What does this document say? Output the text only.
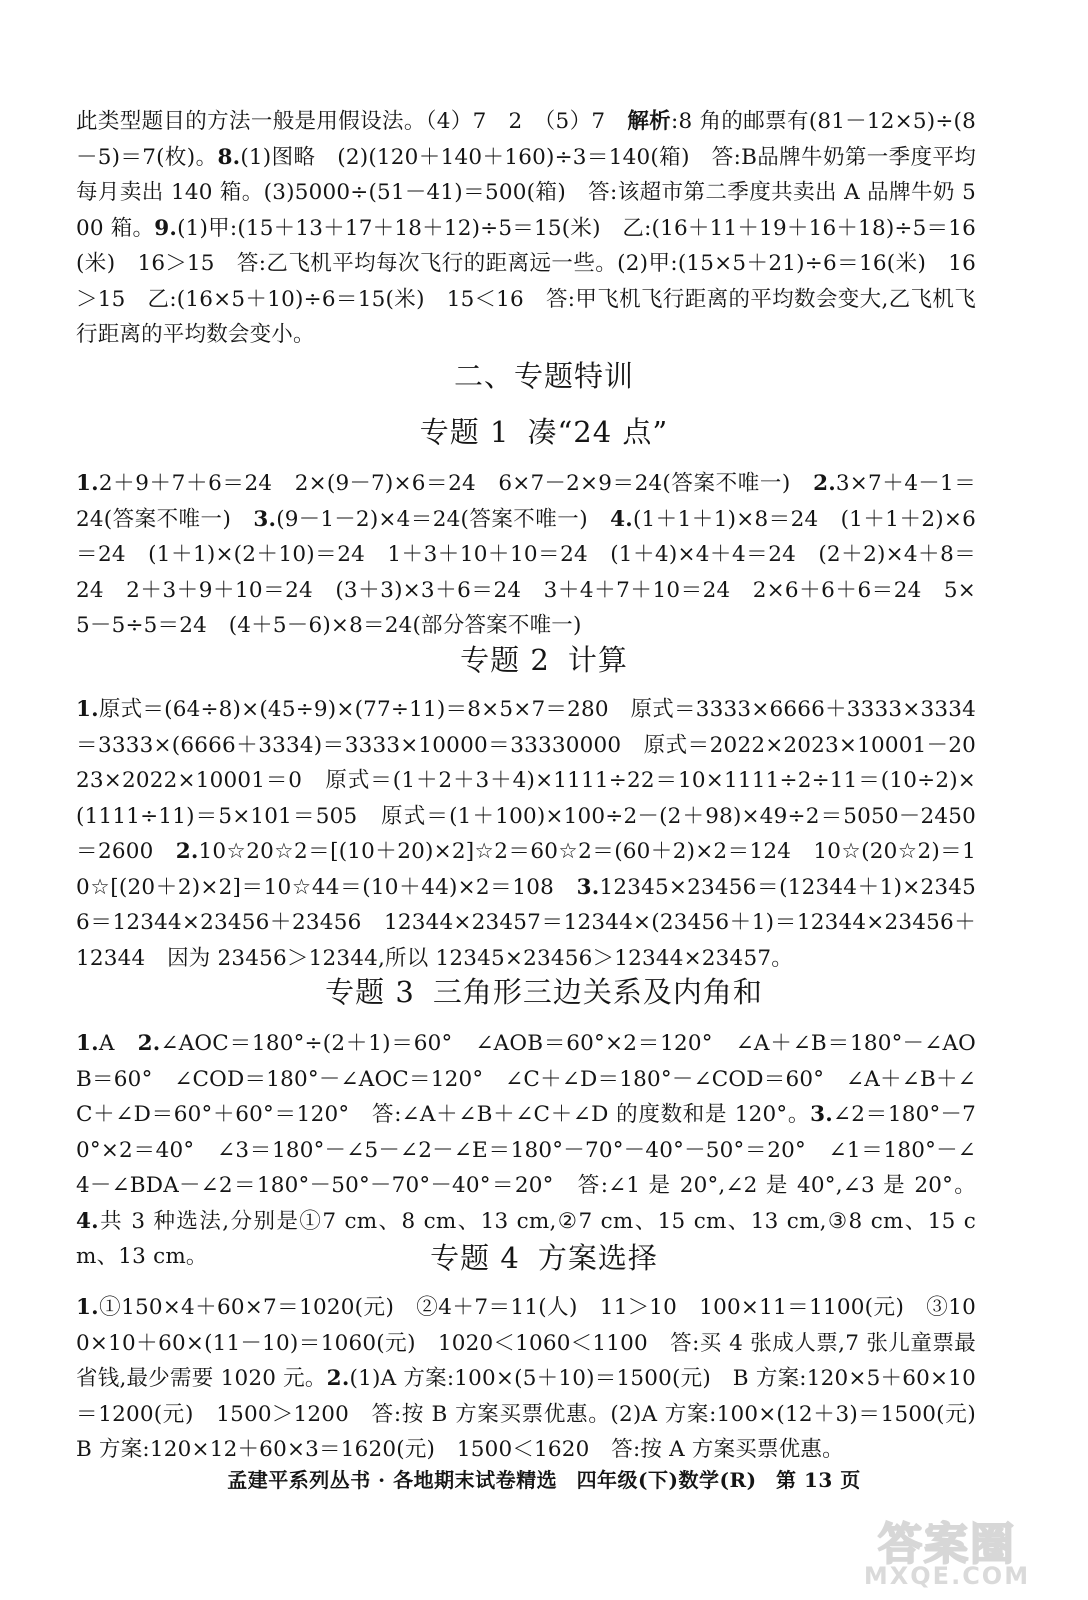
此类型题目的方法一般是用假设法。（4）7　2　（5）7　解析:8 角的邮票有(81－12×5)÷(8－5)＝7(枚)。8.(1)图略　(2)(120＋140＋160)÷3＝140(箱)　答:B品牌牛奶第一季度平均每月卖出 140 箱。(3)5000÷(51－41)＝500(箱)　答:该超市第二季度共卖出 A 品牌牛奶 500 箱。9.(1)甲:(15＋13＋17＋18＋12)÷5＝15(米)　乙:(16＋11＋19＋16＋18)÷5＝16(米)　16＞15　答:乙飞机平均每次飞行的距离远一些。(2)甲:(15×5＋21)÷6＝16(米)　16＞15　乙:(16×5＋10)÷6＝15(米)　15＜16　答:甲飞机飞行距离的平均数会变大,乙飞机飞行距离的平均数会变小。

二、专题特训
专题 1 凑“24 点”

1.2＋9＋7＋6＝24　2×(9－7)×6＝24　6×7－2×9＝24(答案不唯一)　2.3×7＋4－1＝24(答案不唯一)　3.(9－1－2)×4＝24(答案不唯一)　4.(1＋1＋1)×8＝24　(1＋1＋2)×6＝24　(1＋1)×(2＋10)＝24　1＋3＋10＋10＝24　(1＋4)×4＋4＝24　(2＋2)×4＋8＝24　2＋3＋9＋10＝24　(3＋3)×3＋6＝24　3＋4＋7＋10＝24　2×6＋6＋6＝24　5×5－5÷5＝24　(4＋5－6)×8＝24(部分答案不唯一)

专题 2 计算

1.原式＝(64÷8)×(45÷9)×(77÷11)＝8×5×7＝280　原式＝3333×6666＋3333×3334＝3333×(6666＋3334)＝3333×10000＝33330000　原式＝2022×2023×10001－2023×2022×10001＝0　原式＝(1＋2＋3＋4)×1111÷22＝10×1111÷2÷11＝(10÷2)×(1111÷11)＝5×101＝505　原式＝(1＋100)×100÷2－(2＋98)×49÷2＝5050－2450＝2600　2.10☆20☆2＝[(10＋20)×2]☆2＝60☆2＝(60＋2)×2＝124　10☆(20☆2)＝10☆[(20＋2)×2]＝10☆44＝(10＋44)×2＝108　3.12345×23456＝(12344＋1)×23456＝12344×23456＋23456　12344×23457＝12344×(23456＋1)＝12344×23456＋12344　因为 23456＞12344,所以 12345×23456＞12344×23457。

专题 3 三角形三边关系及内角和

1.A　2.∠AOC＝180°÷(2＋1)＝60°　∠AOB＝60°×2＝120°　∠A＋∠B＝180°－∠AOB＝60°　∠COD＝180°－∠AOC＝120°　∠C＋∠D＝180°－∠COD＝60°　∠A＋∠B＋∠C＋∠D＝60°＋60°＝120°　答:∠A＋∠B＋∠C＋∠D 的度数和是 120°。3.∠2＝180°－70°×2＝40°　∠3＝180°－∠5－∠2－∠E＝180°－70°－40°－50°＝20°　∠1＝180°－∠4－∠BDA－∠2＝180°－50°－70°－40°＝20°　答:∠1 是 20°,∠2 是 40°,∠3 是 20°。4.共 3 种选法,分别是①7 cm、8 cm、13 cm,②7 cm、15 cm、13 cm,③8 cm、15 cm、13 cm。	专题 4 方案选择

1.①150×4＋60×7＝1020(元)　②4＋7＝11(人)　11＞10　100×11＝1100(元)　③100×10＋60×(11－10)＝1060(元)　1020＜1060＜1100　答:买 4 张成人票,7 张儿童票最省钱,最少需要 1020 元。2.(1)A 方案:100×(5＋10)＝1500(元)　B 方案:120×5＋60×10＝1200(元)　1500＞1200　答:按 B 方案买票优惠。(2)A 方案:100×(12＋3)＝1500(元)　B 方案:120×12＋60×3＝1620(元)　1500＜1620　答:按 A 方案买票优惠。

孟建平系列丛书 · 各地期末试卷精选 四年级(下)数学(R) 第 13 页
答案圈
MXQE.COM
